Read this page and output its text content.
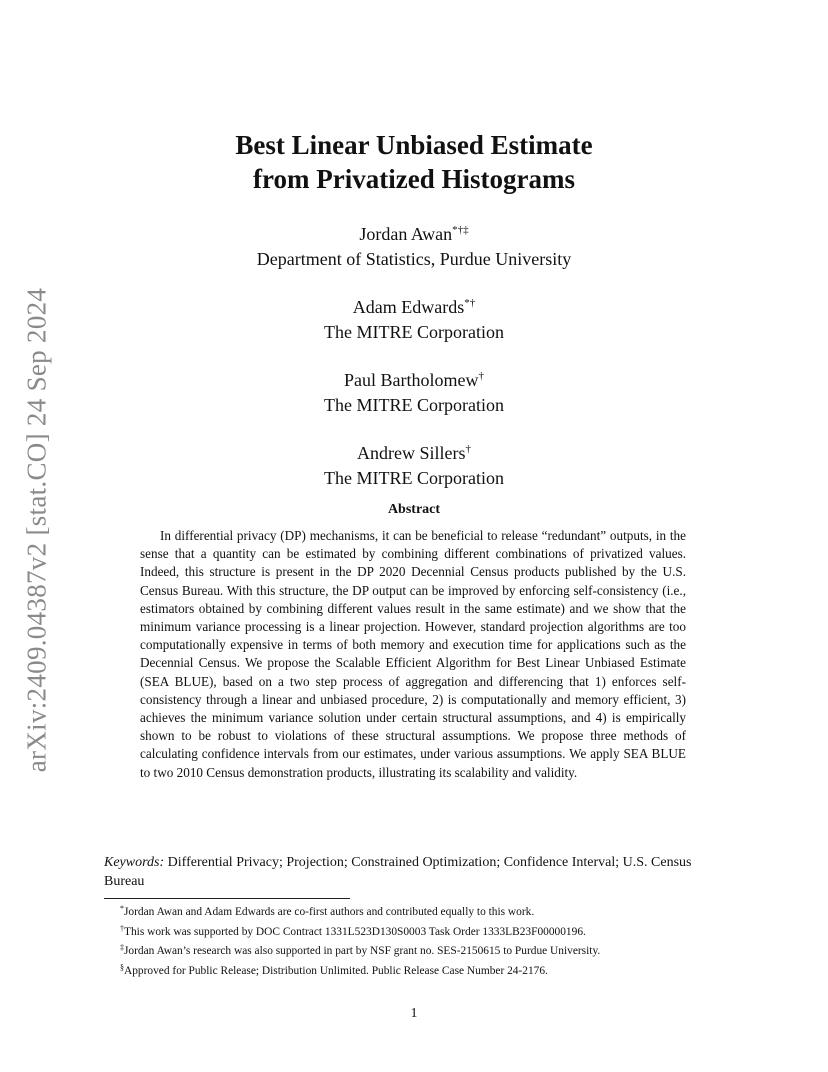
arXiv:2409.04387v2 [stat.CO] 24 Sep 2024
Best Linear Unbiased Estimate
from Privatized Histograms
Jordan Awan*†‡
Department of Statistics, Purdue University
Adam Edwards*†
The MITRE Corporation
Paul Bartholomew†
The MITRE Corporation
Andrew Sillers†
The MITRE Corporation
Abstract
In differential privacy (DP) mechanisms, it can be beneficial to release “redundant” outputs, in the sense that a quantity can be estimated by combining different combinations of privatized values. Indeed, this structure is present in the DP 2020 Decennial Census products published by the U.S. Census Bureau. With this structure, the DP output can be improved by enforcing self-consistency (i.e., estimators obtained by combining different values result in the same estimate) and we show that the minimum variance processing is a linear projection. However, standard projection algorithms are too computationally expensive in terms of both memory and execution time for applications such as the Decennial Census. We propose the Scalable Efficient Algorithm for Best Linear Unbiased Estimate (SEA BLUE), based on a two step process of aggregation and differencing that 1) enforces self-consistency through a linear and unbiased procedure, 2) is computationally and memory efficient, 3) achieves the minimum variance solution under certain structural assumptions, and 4) is empirically shown to be robust to violations of these structural assumptions. We propose three methods of calculating confidence intervals from our estimates, under various assumptions. We apply SEA BLUE to two 2010 Census demonstration products, illustrating its scalability and validity.
Keywords: Differential Privacy; Projection; Constrained Optimization; Confidence Interval; U.S. Census Bureau
*Jordan Awan and Adam Edwards are co-first authors and contributed equally to this work.
†This work was supported by DOC Contract 1331L523D130S0003 Task Order 1333LB23F00000196.
‡Jordan Awan’s research was also supported in part by NSF grant no. SES-2150615 to Purdue University.
§Approved for Public Release; Distribution Unlimited. Public Release Case Number 24-2176.
1
